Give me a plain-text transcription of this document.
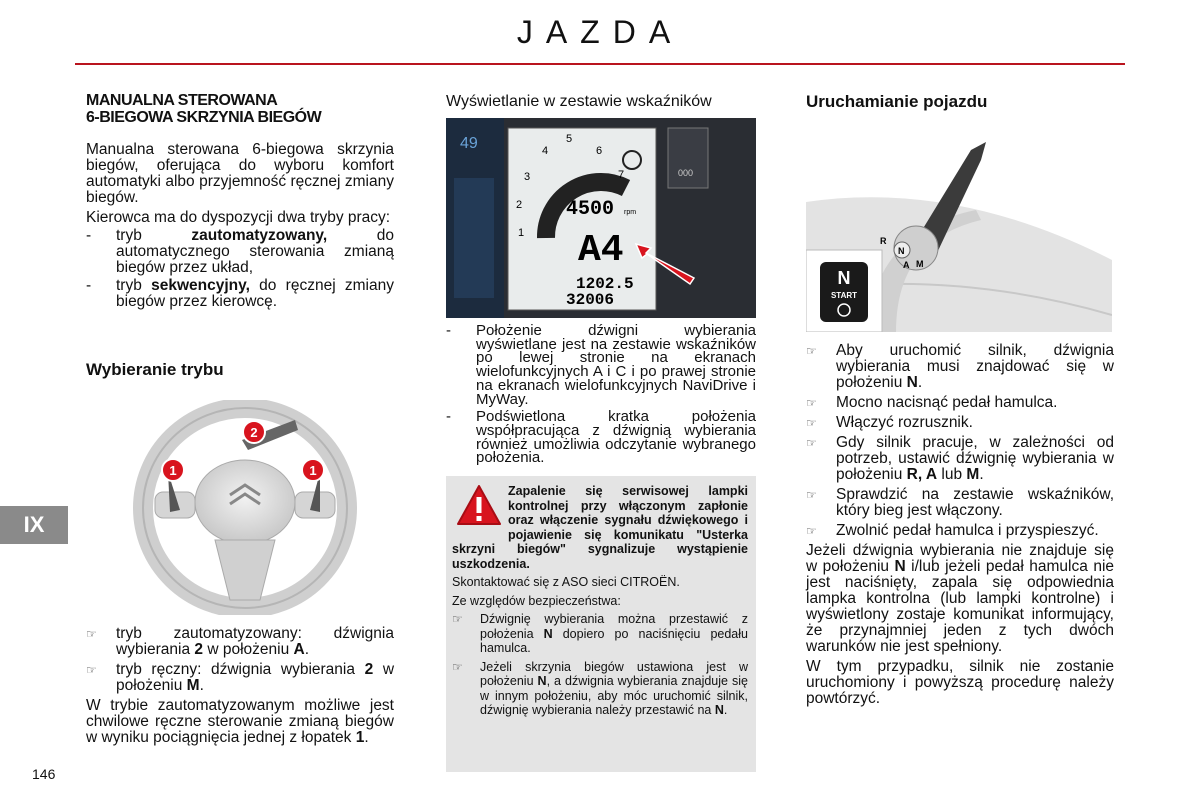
JAZDA
IX
146
MANUALNA STEROWANA
6-BIEGOWA SKRZYNIA BIEGÓW

Manualna sterowana 6-biegowa skrzynia biegów, oferująca do wyboru komfort automatyki albo przyjemność ręcznej zmiany biegów.

Kierowca ma do dyspozycji dwa tryby pracy:

-	tryb zautomatyzowany, do automatycznego sterowania zmianą biegów przez układ,
-	tryb sekwencyjny, do ręcznej zmiany biegów przez kierowcę.
Wybieranie trybu
1
2
1
☞	tryb zautomatyzowany: dźwignia wybierania 2 w położeniu A.
☞	tryb ręczny: dźwignia wybierania 2 w położeniu M.

W trybie zautomatyzowanym możliwe jest chwilowe ręczne sterowanie zmianą biegów w wyniku pociągnięcia jednej z łopatek 1.

Wyświetlanie w zestawie wskaźników
49	5
6
7
4
3
2
1
4500 rpm
A4
1202.5
32006
000
-	Położenie dźwigni wybierania wyświetlane jest na zestawie wskaźników po lewej stronie na ekranach wielofunkcyjnych A i C i po prawej stronie na ekranach wielofunkcyjnych NaviDrive i MyWay.
-	Podświetlona kratka położenia współpracująca z dźwignią wybierania również umożliwia odczytanie wybranego położenia.

Zapalenie się serwisowej lampki kontrolnej przy włączonym zapłonie oraz włączenie sygnału dźwiękowego i pojawienie się komunikatu "Usterka skrzyni biegów" sygnalizuje wystąpienie uszkodzenia.

Skontaktować się z ASO sieci CITROËN.

Ze względów bezpieczeństwa:

☞	Dźwignię wybierania można przestawić z położenia N dopiero po naciśnięciu pedału hamulca.
☞	Jeżeli skrzynia biegów ustawiona jest w położeniu N, a dźwignia wybierania znajduje się w innym położeniu, aby móc uruchomić silnik, dźwignię wybierania należy przestawić na N.
Uruchamianie pojazdu
R
N
A M
N
START
☞	Aby uruchomić silnik, dźwignia wybierania musi znajdować się w położeniu N.
☞	Mocno nacisnąć pedał hamulca.
☞	Włączyć rozrusznik.
☞	Gdy silnik pracuje, w zależności od potrzeb, ustawić dźwignię wybierania w położeniu R, A lub M.
☞	Sprawdzić na zestawie wskaźników, który bieg jest włączony.
☞	Zwolnić pedał hamulca i przyspieszyć.

Jeżeli dźwignia wybierania nie znajduje się w położeniu N i/lub jeżeli pedał hamulca nie jest naciśnięty, zapala się odpowiednia lampka kontrolna (lub lampki kontrolne) i wyświetlony zostaje komunikat informujący, że przynajmniej jeden z tych dwóch warunków nie jest spełniony.

W tym przypadku, silnik nie zostanie uruchomiony i powyższą procedurę należy powtórzyć.
